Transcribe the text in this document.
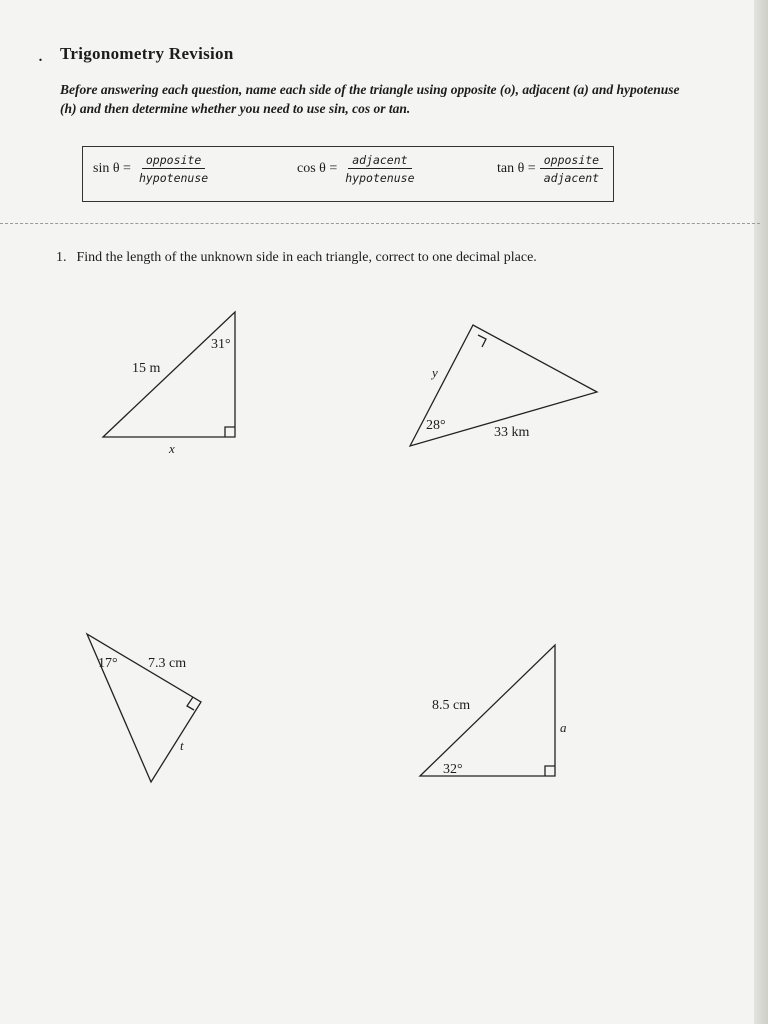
. Trigonometry Revision
Before answering each question, name each side of the triangle using opposite (o), adjacent (a) and hypotenuse (h) and then determine whether you need to use sin, cos or tan.
$\sin \theta = \frac{\text{opposite}}{\text{hypotenuse}}$	$\cos \theta = \frac{\text{adjacent}}{\text{hypotenuse}}$	$\tan \theta = \frac{\text{opposite}}{\text{adjacent}}$
1. Find the length of the unknown side in each triangle, correct to one decimal place.
31°
15 m
x
28°	33 km
y
17° 7.3 cm
t
32°
8.5 cm
a
